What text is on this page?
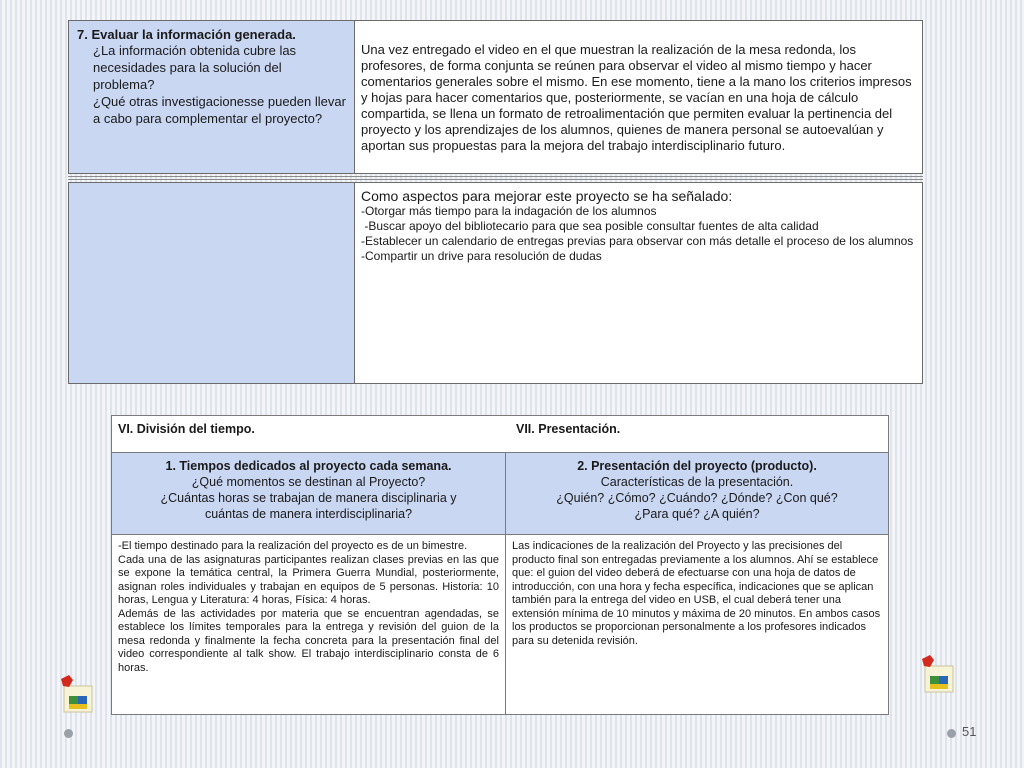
7. Evaluar la información generada.
¿La información obtenida cubre las necesidades para la solución del problema?
¿Qué otras investigacionesse pueden llevar a cabo para complementar el proyecto?
Una vez entregado el video en el que muestran la realización de la mesa redonda, los profesores, de forma conjunta se reúnen para observar el video al mismo tiempo y hacer comentarios generales sobre el mismo. En ese momento, tiene a la mano los criterios impresos y hojas para hacer comentarios que, posteriormente, se vacían en una hoja de cálculo compartida, se llena un formato de retroalimentación que permiten evaluar la pertinencia del proyecto y los aprendizajes de los alumnos, quienes de manera personal se autoevalúan y aportan sus propuestas para la mejora del trabajo interdisciplinario futuro.
Como aspectos para mejorar este proyecto se ha señalado:
-Otorgar más tiempo para la indagación de los alumnos
-Buscar apoyo del bibliotecario para que sea posible consultar fuentes de alta calidad
-Establecer un calendario de entregas previas para observar con más detalle el proceso de los alumnos
-Compartir un drive para resolución de dudas
VI. División del tiempo.	VII. Presentación.
1. Tiempos dedicados al proyecto cada semana.
¿Qué momentos se destinan al Proyecto?
¿Cuántas horas se trabajan de manera disciplinaria y cuántas de manera interdisciplinaria?

-El tiempo destinado para la realización del proyecto es de un bimestre.

Cada una de las asignaturas participantes realizan clases previas en las que se expone la temática central, la Primera Guerra Mundial, posteriormente, asignan roles individuales y trabajan en equipos de 5 personas. Historia: 10 horas, Lengua y Literatura: 4 horas, Física: 4 horas.

Además de las actividades por materia que se encuentran agendadas, se establece los límites temporales para la entrega y revisión del guion de la mesa redonda y finalmente la fecha concreta para la presentación final del video correspondiente al talk show. El trabajo interdisciplinario consta de 6 horas.

2. Presentación del proyecto (producto).
Características de la presentación.
¿Quién? ¿Cómo? ¿Cuándo? ¿Dónde? ¿Con qué?
¿Para qué? ¿A quién?

Las indicaciones de la realización del Proyecto y las precisiones del producto final son entregadas previamente a los alumnos. Ahí se establece que: el guion del video deberá de efectuarse con una hoja de datos de introducción, con una hora y fecha específica, indicaciones que se aplican también para la entrega del video en USB, el cual deberá tener una extensión mínima de 10 minutos y máxima de 20 minutos. En ambos casos los productos se proporcionan personalmente a los profesores indicados para su detenida revisión.

51
